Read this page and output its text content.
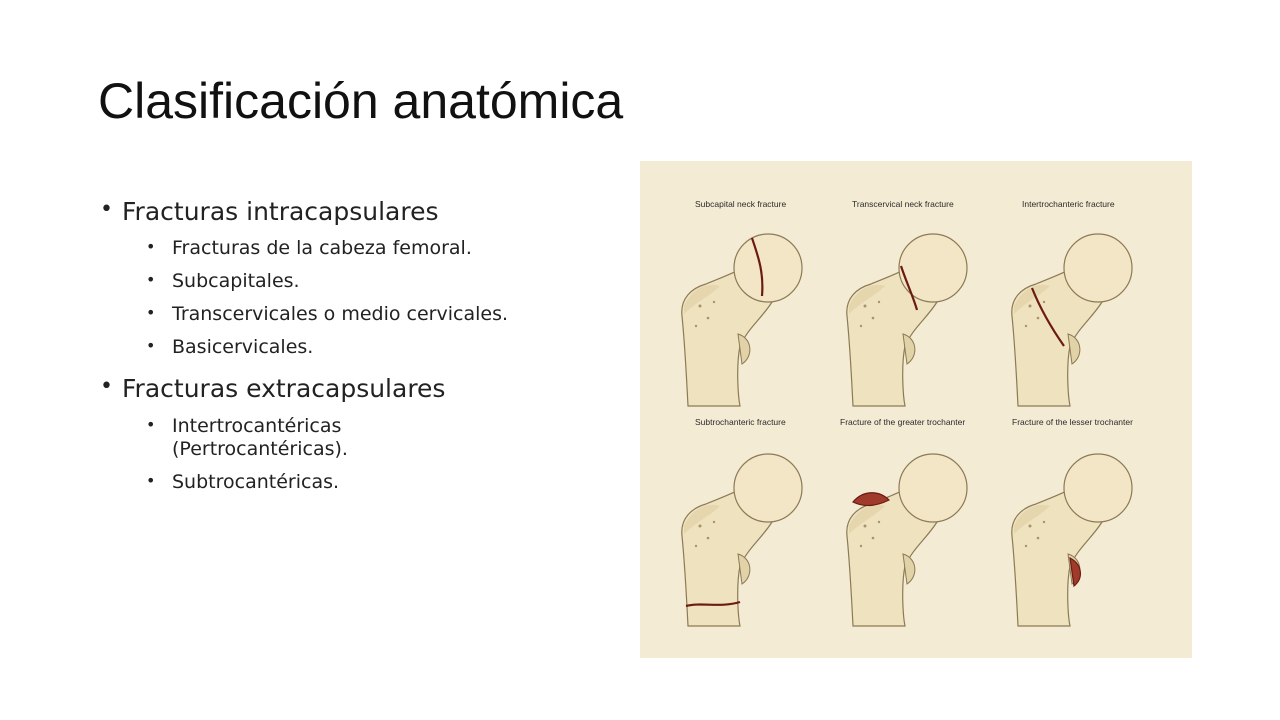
Clasificación anatómica
• Fracturas intracapsulares
• Fracturas de la cabeza femoral.
• Subcapitales.
• Transcervicales o medio cervicales.
• Basicervicales.
• Fracturas extracapsulares
• Intertrocantéricas (Pertrocantéricas).
• Subtrocantéricas.
Subcapital neck fracture	Transcervical neck fracture	Intertrochanteric fracture
Subtrochanteric fracture	Fracture of the greater trochanter	Fracture of the lesser trochanter
